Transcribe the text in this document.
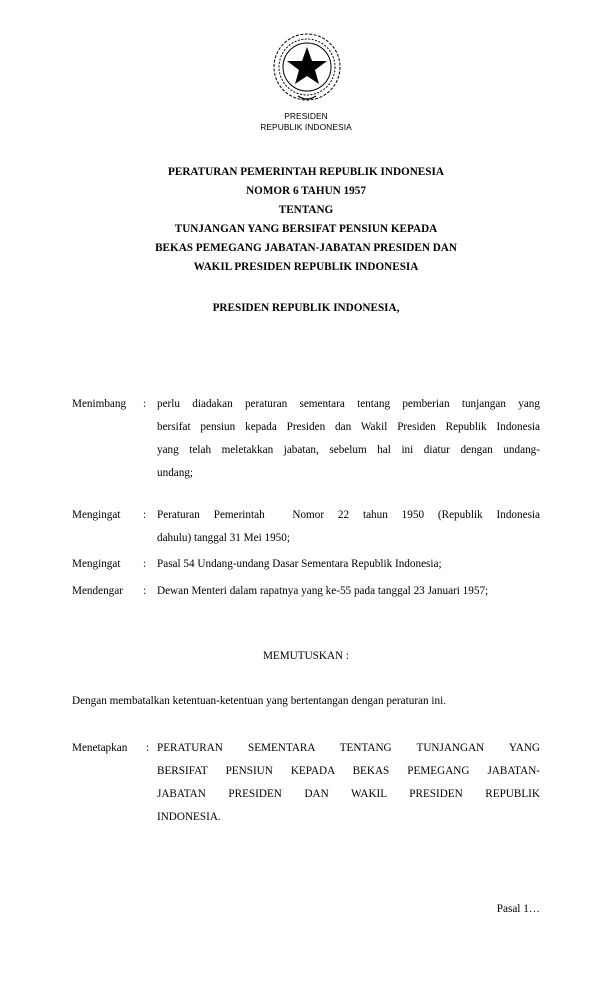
PRESIDEN
REPUBLIK INDONESIA
PERATURAN PEMERINTAH REPUBLIK INDONESIA
NOMOR 6 TAHUN 1957
TENTANG
TUNJANGAN YANG BERSIFAT PENSIUN KEPADA
BEKAS PEMEGANG JABATAN-JABATAN PRESIDEN DAN
WAKIL PRESIDEN REPUBLIK INDONESIA
PRESIDEN REPUBLIK INDONESIA,
Menimbang : perlu diadakan peraturan sementara tentang pemberian tunjangan yang
bersifat pensiun kepada Presiden dan Wakil Presiden Republik Indonesia
yang telah meletakkan jabatan, sebelum hal ini diatur dengan undang-
undang;
Mengingat : Peraturan Pemerintah  Nomor 22 tahun 1950 (Republik Indonesia
dahulu) tanggal 31 Mei 1950;
Mengingat : Pasal 54 Undang-undang Dasar Sementara Republik Indonesia;
Mendengar : Dewan Menteri dalam rapatnya yang ke-55 pada tanggal 23 Januari 1957;
MEMUTUSKAN :
Dengan membatalkan ketentuan-ketentuan yang bertentangan dengan peraturan ini.
Menetapkan : PERATURAN SEMENTARA TENTANG TUNJANGAN YANG
BERSIFAT PENSIUN KEPADA BEKAS PEMEGANG JABATAN-
JABATAN PRESIDEN DAN WAKIL PRESIDEN REPUBLIK
INDONESIA.
Pasal 1…
